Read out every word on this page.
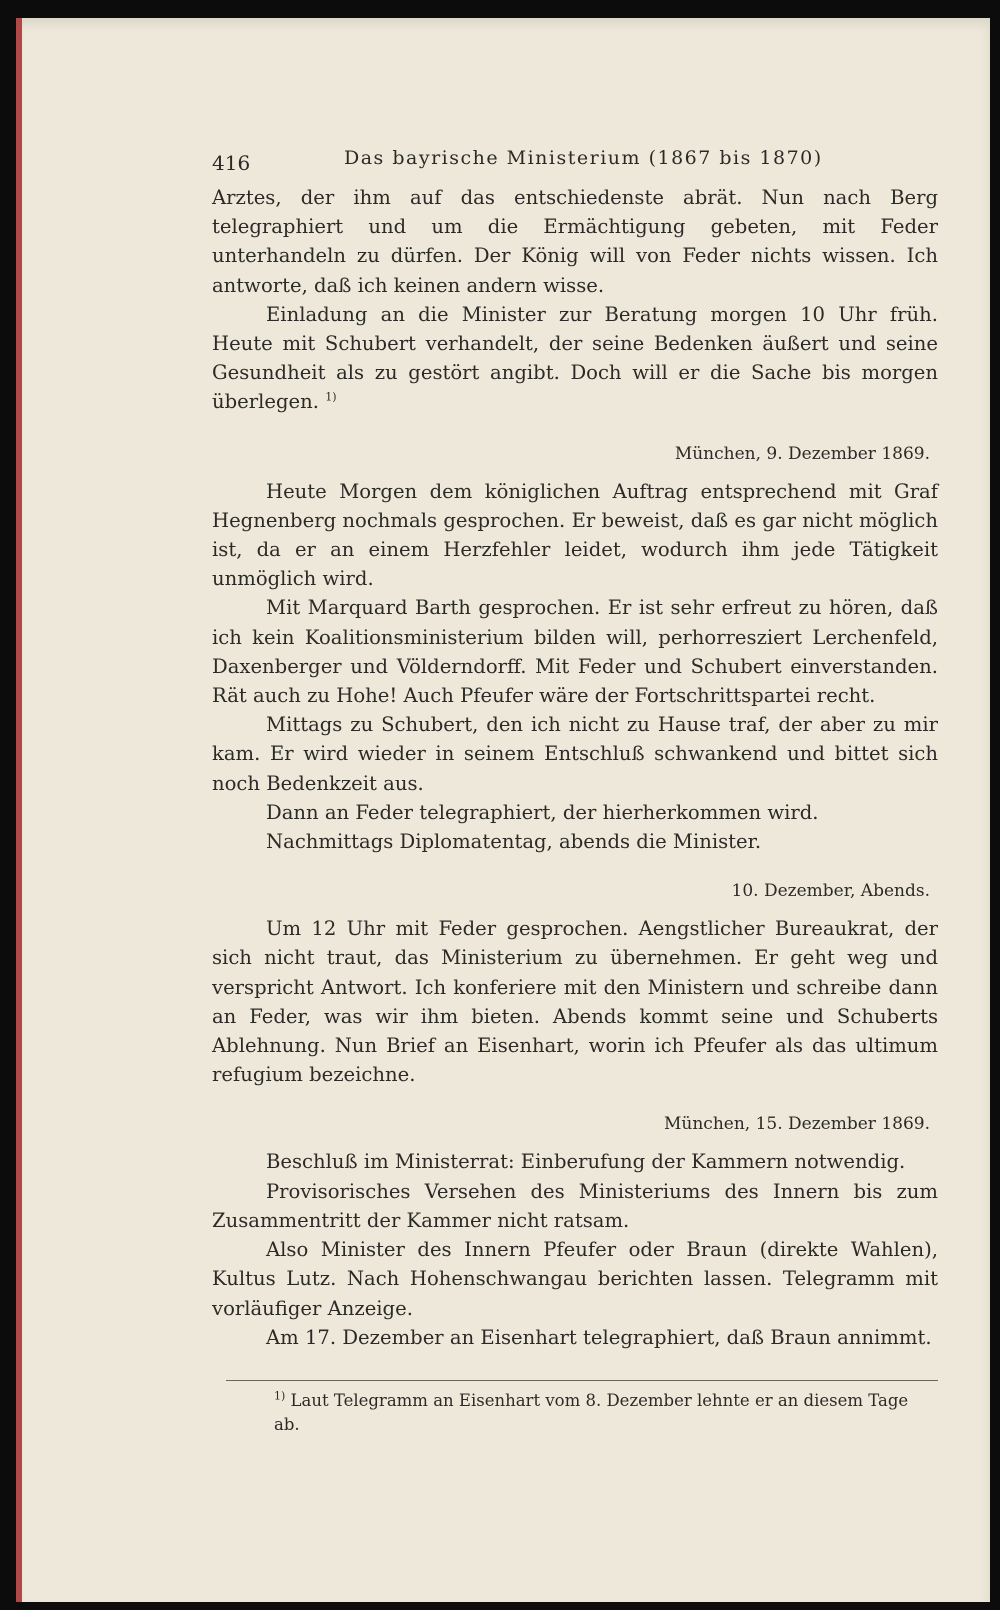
416	Das bayrische Ministerium (1867 bis 1870)

Arztes, der ihm auf das entschiedenste abrät. Nun nach Berg telegraphiert und um die Ermächtigung gebeten, mit Feder unterhandeln zu dürfen. Der König will von Feder nichts wissen. Ich antworte, daß ich keinen andern wisse.

Einladung an die Minister zur Beratung morgen 10 Uhr früh. Heute mit Schubert verhandelt, der seine Bedenken äußert und seine Gesundheit als zu gestört angibt. Doch will er die Sache bis morgen überlegen. $^{1)}$

München, 9. Dezember 1869.

Heute Morgen dem königlichen Auftrag entsprechend mit Graf Hegnenberg nochmals gesprochen. Er beweist, daß es gar nicht möglich ist, da er an einem Herzfehler leidet, wodurch ihm jede Tätigkeit unmöglich wird.

Mit Marquard Barth gesprochen. Er ist sehr erfreut zu hören, daß ich kein Koalitionsministerium bilden will, perhorresziert Lerchenfeld, Daxenberger und Völderndorff. Mit Feder und Schubert einverstanden. Rät auch zu Hohe! Auch Pfeufer wäre der Fortschrittspartei recht.

Mittags zu Schubert, den ich nicht zu Hause traf, der aber zu mir kam. Er wird wieder in seinem Entschluß schwankend und bittet sich noch Bedenkzeit aus.

Dann an Feder telegraphiert, der hierherkommen wird.

Nachmittags Diplomatentag, abends die Minister.

10. Dezember, Abends.

Um 12 Uhr mit Feder gesprochen. Aengstlicher Bureaukrat, der sich nicht traut, das Ministerium zu übernehmen. Er geht weg und verspricht Antwort. Ich konferiere mit den Ministern und schreibe dann an Feder, was wir ihm bieten. Abends kommt seine und Schuberts Ablehnung. Nun Brief an Eisenhart, worin ich Pfeufer als das ultimum refugium bezeichne.

München, 15. Dezember 1869.

Beschluß im Ministerrat: Einberufung der Kammern notwendig.

Provisorisches Versehen des Ministeriums des Innern bis zum Zusammentritt der Kammer nicht ratsam.

Also Minister des Innern Pfeufer oder Braun (direkte Wahlen), Kultus Lutz. Nach Hohenschwangau berichten lassen. Telegramm mit vorläufiger Anzeige.

Am 17. Dezember an Eisenhart telegraphiert, daß Braun annimmt.

$^{1)}$ Laut Telegramm an Eisenhart vom 8. Dezember lehnte er an diesem Tage ab.
